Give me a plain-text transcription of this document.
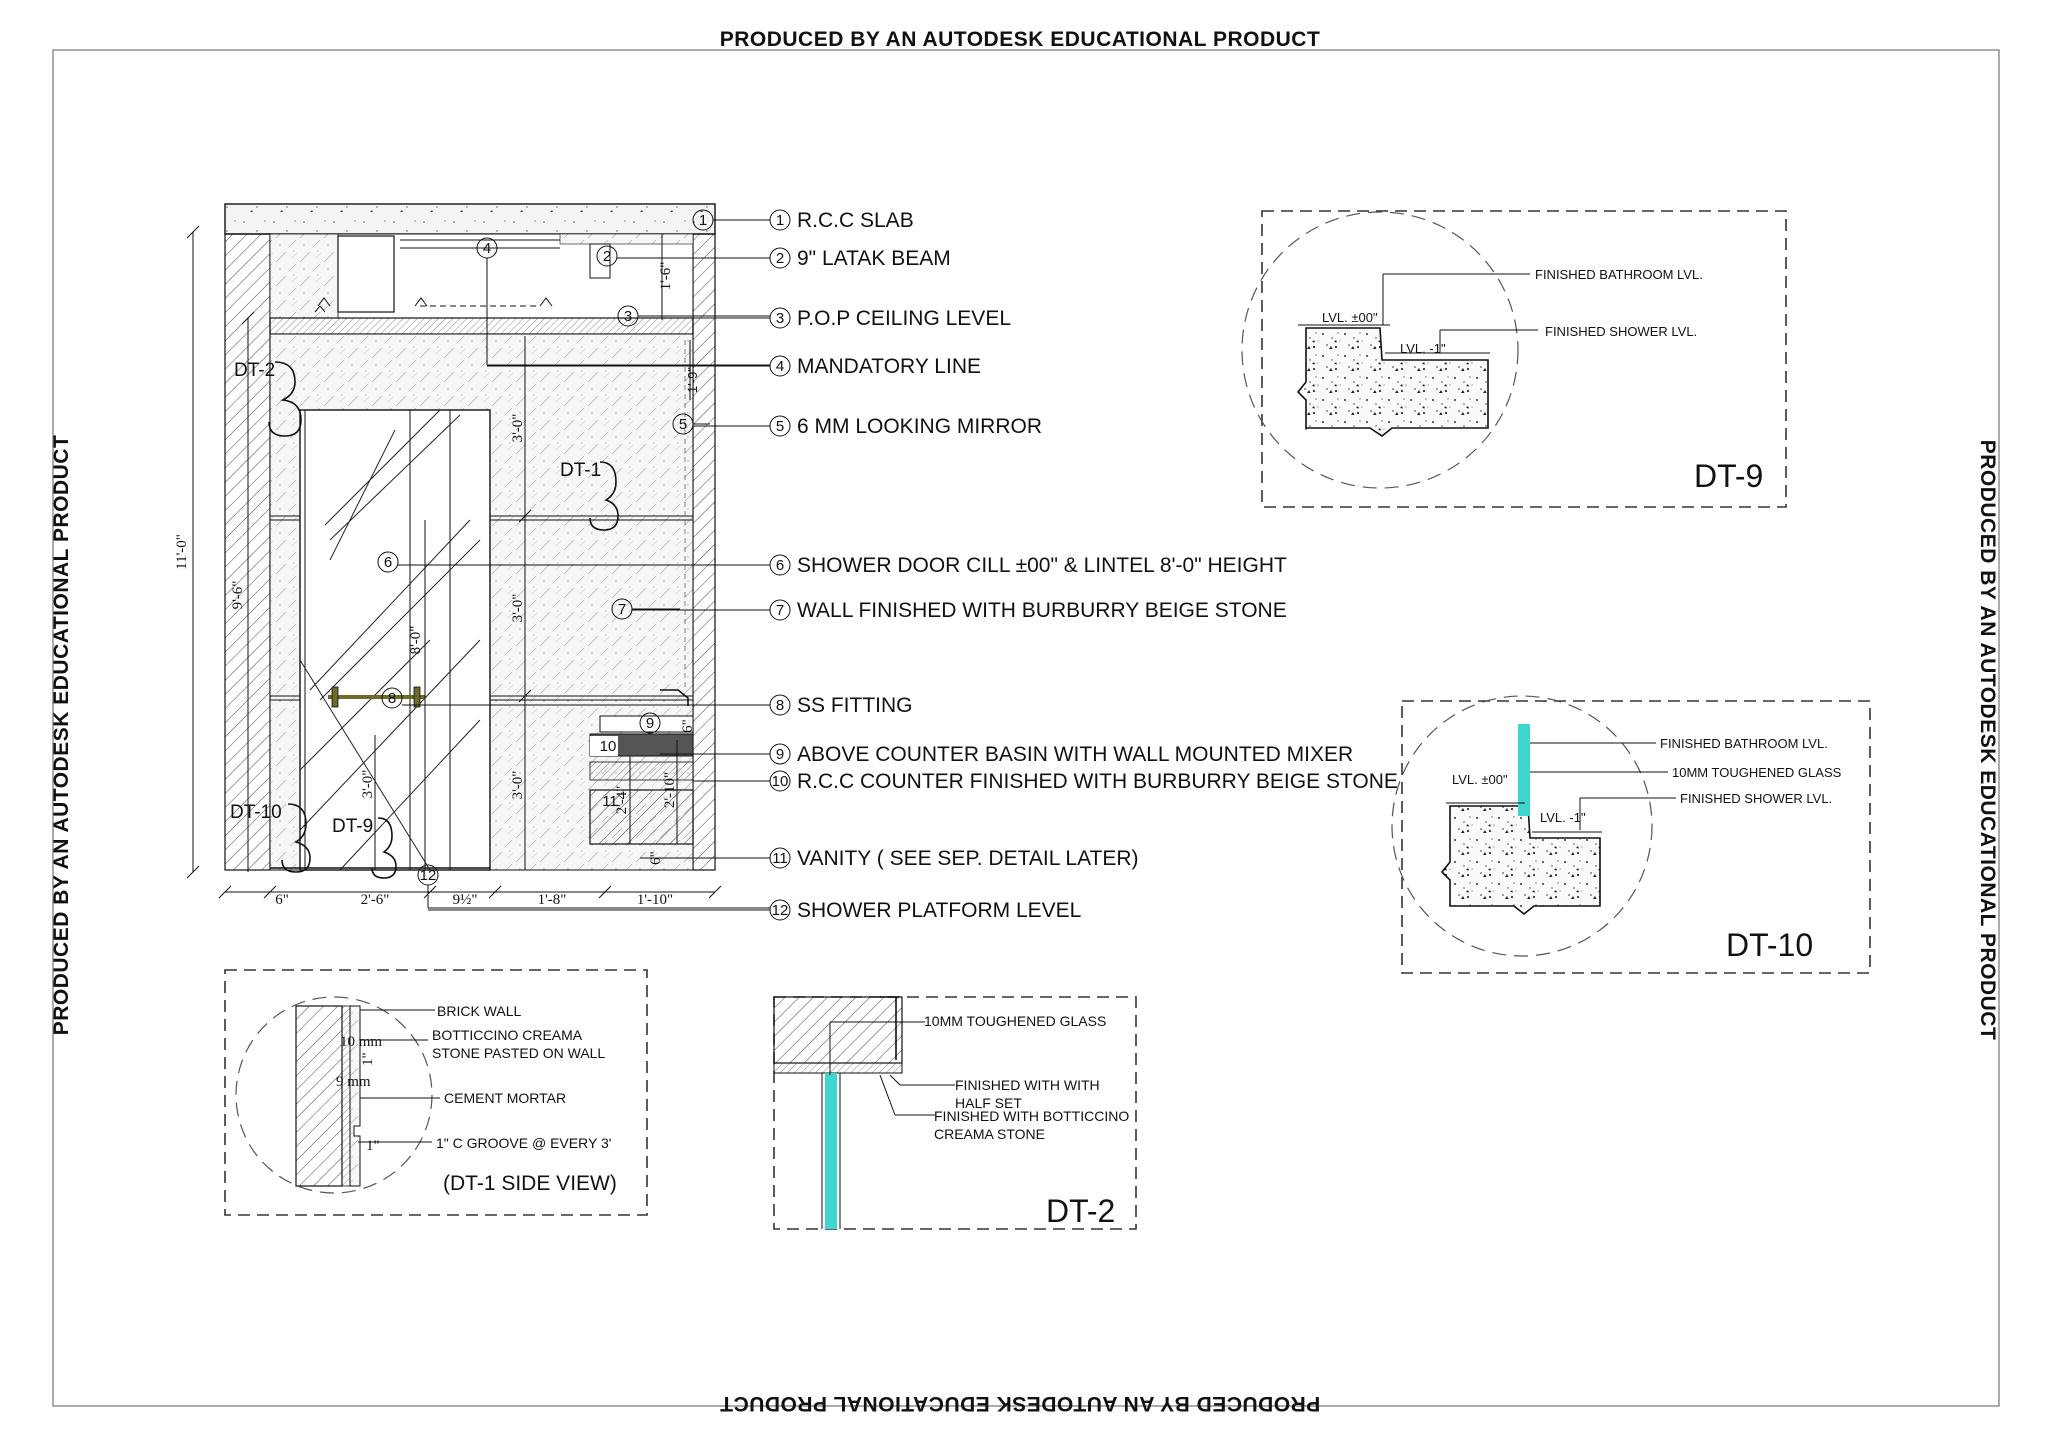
PRODUCED BY AN AUTODESK EDUCATIONAL PRODUCT
PRODUCED BY AN AUTODESK EDUCATIONAL PRODUCT
PRODUCED BY AN AUTODESK EDUCATIONAL PRODUCT	PRODUCED BY AN AUTODESK EDUCATIONAL PRODUCT
11'-0"
9'-6"
1'-6"
3'-0"
3'-0"
3'-0"
8'-0"
3'-0"
2'-4" 2'-10"
6"
6"
1'-9"
6"	2'-6"	9½"	1'-8"	1'-10"
1
2
4
3
5
6
7
8
9
10
11
12
DT-2
DT-1
DT-10
DT-9
1 R.C.C SLAB
2 9" LATAK BEAM
3 P.O.P CEILING LEVEL
4 MANDATORY LINE
5 6 MM LOOKING MIRROR
6 SHOWER DOOR CILL ±00" & LINTEL 8'-0" HEIGHT
7 WALL FINISHED WITH BURBURRY BEIGE STONE
8 SS FITTING
9 ABOVE COUNTER BASIN WITH WALL MOUNTED MIXER
10 R.C.C COUNTER FINISHED WITH BURBURRY BEIGE STONE
11 VANITY ( SEE SEP. DETAIL LATER)
12 SHOWER PLATFORM LEVEL
FINISHED BATHROOM LVL.
FINISHED SHOWER LVL.
LVL. ±00"
LVL. -1"
DT-9
FINISHED BATHROOM LVL.
10MM TOUGHENED GLASS
FINISHED SHOWER LVL.
LVL. ±00"
LVL. -1"
DT-10
BRICK WALL
BOTTICCINO CREAMA
STONE PASTED ON WALL
CEMENT MORTAR
1" C GROOVE @ EVERY 3'
(DT-1 SIDE VIEW)
10 mm
1"
9 mm
1"
10MM TOUGHENED GLASS
FINISHED WITH WITH
HALF SET
FINISHED WITH BOTTICCINO
CREAMA STONE
DT-2
